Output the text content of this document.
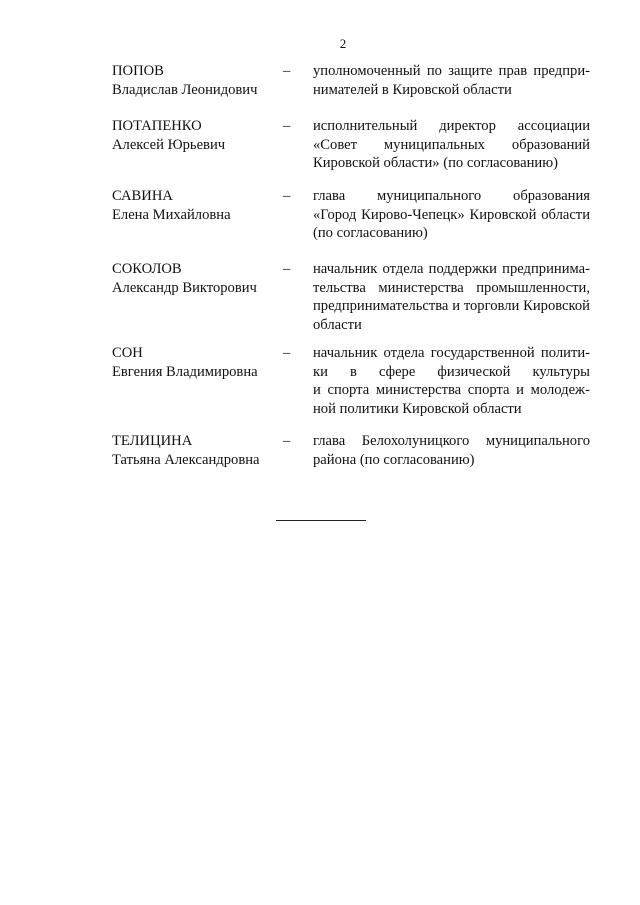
2
ПОПОВ
Владислав Леонидович
– уполномоченный по защите прав предпри-
нимателей в Кировской области
ПОТАПЕНКО
Алексей Юрьевич
– исполнительный директор ассоциации
«Совет муниципальных образований
Кировской области» (по согласованию)
САВИНА
Елена Михайловна
– глава муниципального образования
«Город Кирово-Чепецк» Кировской области
(по согласованию)
СОКОЛОВ
Александр Викторович
– начальник отдела поддержки предпринима-
тельства министерства промышленности,
предпринимательства и торговли Кировской
области
СОН
Евгения Владимировна
– начальник отдела государственной полити-
ки в сфере физической культуры
и спорта министерства спорта и молодеж-
ной политики Кировской области
ТЕЛИЦИНА
Татьяна Александровна
– глава Белохолуницкого муниципального
района (по согласованию)
